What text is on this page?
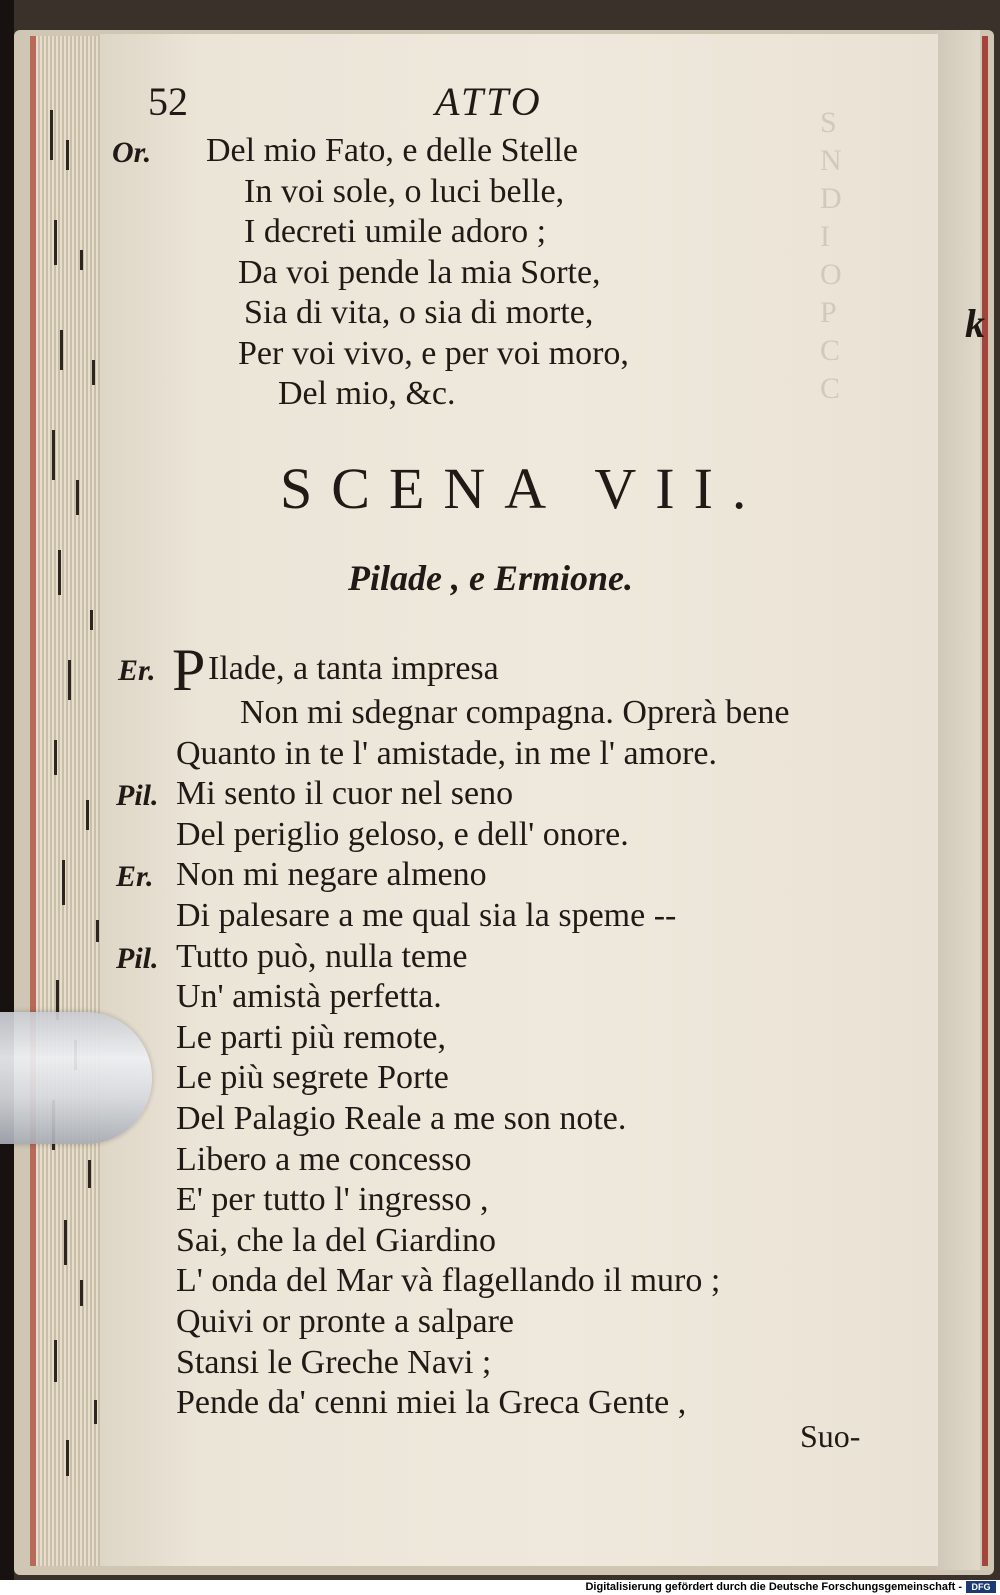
k
S
N
D
I
O
P
C
C
52	ATTO
Or. Del mio Fato, e delle Stelle
In voi sole, o luci belle,
I decreti umile adoro ;
Da voi pende la mia Sorte,
Sia di vita, o sia di morte,
Per voi vivo, e per voi moro,
Del mio, &c.
SCENA VII.
Pilade , e Ermione.
Er. P Ilade, a tanta impresa
Non mi sdegnar compagna. Oprerà bene
Quanto in te l' amistade, in me l' amore.
Pil. Mi sento il cuor nel seno
Del periglio geloso, e dell' onore.
Er. Non mi negare almeno
Di palesare a me qual sia la speme --
Pil. Tutto può, nulla teme
Un' amistà perfetta.
Le parti più remote,
Le più segrete Porte
Del Palagio Reale a me son note.
Libero a me concesso
E' per tutto l' ingresso ,
Sai, che la del Giardino
L' onda del Mar và flagellando il muro ;
Quivi or pronte a salpare
Stansi le Greche Navi ;
Pende da' cenni miei la Greca Gente ,
Suo-
Digitalisierung gefördert durch die Deutsche Forschungsgemeinschaft -	DFG
